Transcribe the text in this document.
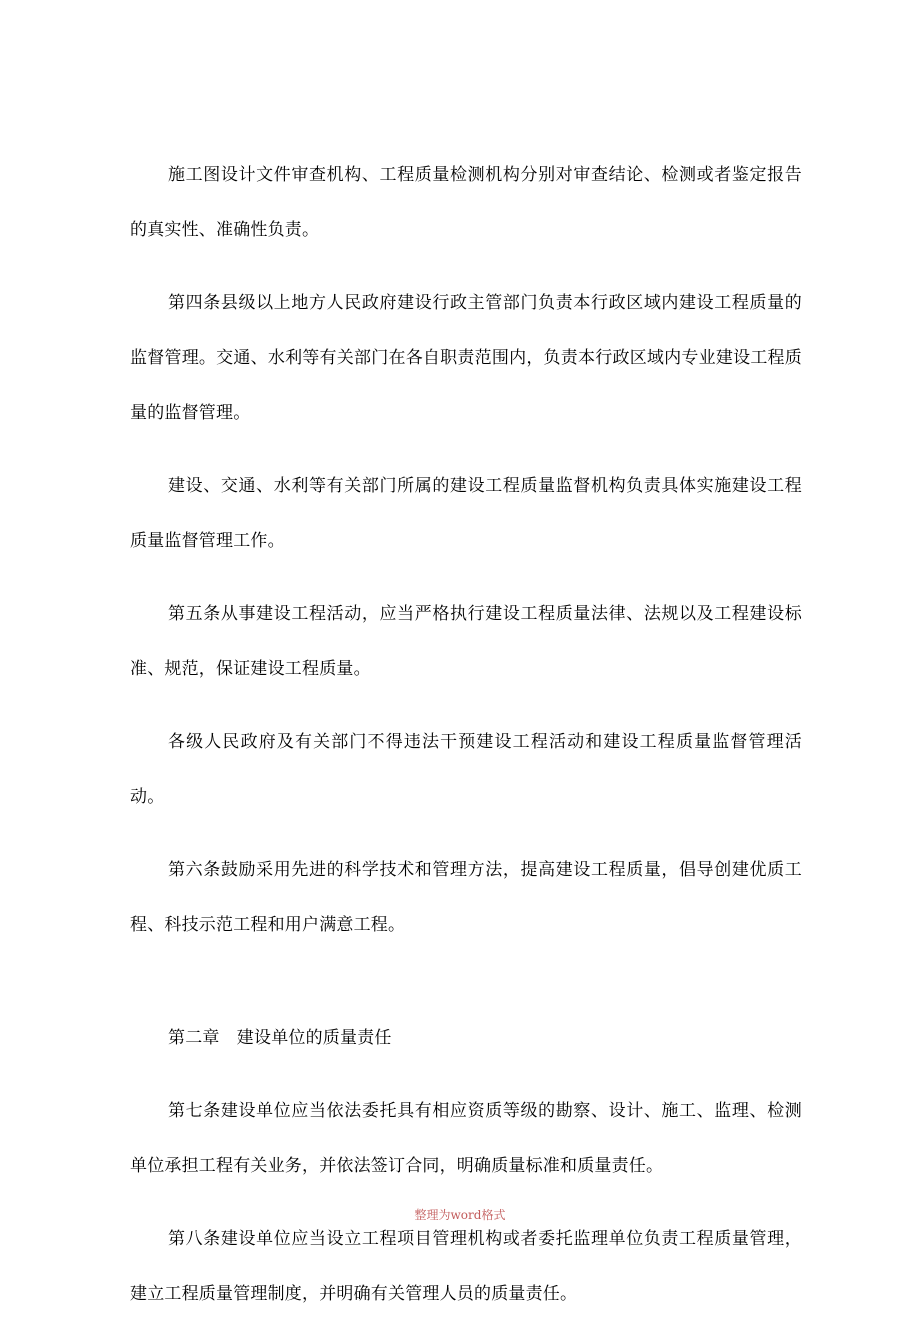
施工图设计文件审查机构、工程质量检测机构分别对审查结论、检测或者鉴定报告的真实性、准确性负责。

第四条县级以上地方人民政府建设行政主管部门负责本行政区域内建设工程质量的监督管理。交通、水利等有关部门在各自职责范围内，负责本行政区域内专业建设工程质量的监督管理。

建设、交通、水利等有关部门所属的建设工程质量监督机构负责具体实施建设工程质量监督管理工作。

第五条从事建设工程活动，应当严格执行建设工程质量法律、法规以及工程建设标准、规范，保证建设工程质量。

各级人民政府及有关部门不得违法干预建设工程活动和建设工程质量监督管理活动。

第六条鼓励采用先进的科学技术和管理方法，提高建设工程质量，倡导创建优质工程、科技示范工程和用户满意工程。

第二章　建设单位的质量责任

第七条建设单位应当依法委托具有相应资质等级的勘察、设计、施工、监理、检测单位承担工程有关业务，并依法签订合同，明确质量标准和质量责任。

第八条建设单位应当设立工程项目管理机构或者委托监理单位负责工程质量管理，建立工程质量管理制度，并明确有关管理人员的质量责任。

整理为word格式
